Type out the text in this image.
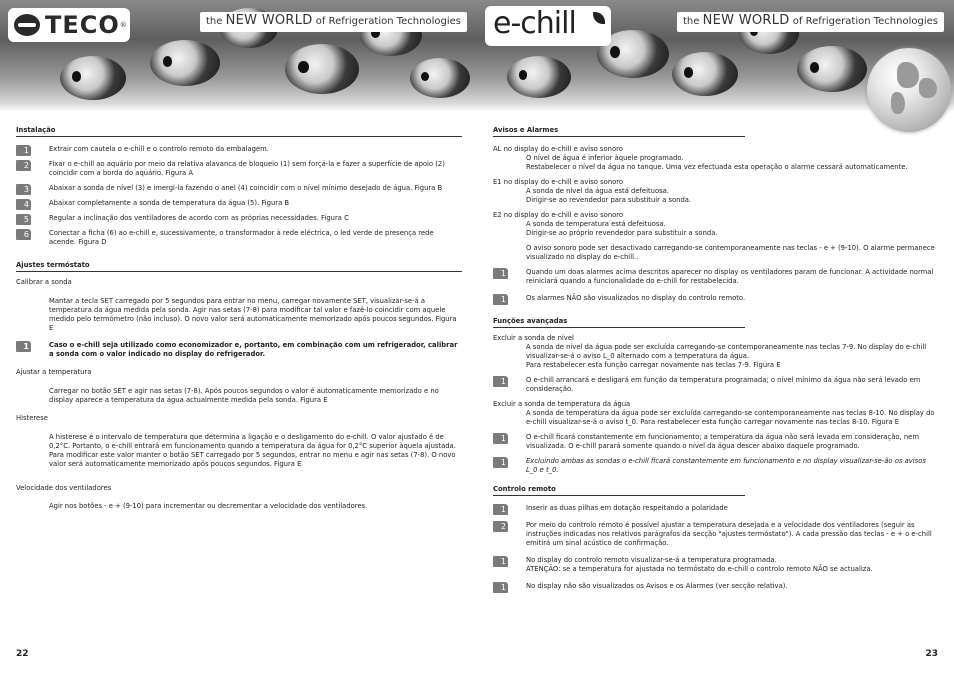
TECO ®	the NEW WORLD of Refrigeration Technologies

Instalação

1	Extrair com cautela o e-chill e o controlo remoto da embalagem.

2	Fixar o e-chill ao aquário por meio da relativa alavanca de bloqueio (1) sem forçá-la e fazer a superfície de apoio (2) coincidir com a borda do aquário. Figura A

3	Abaixar a sonda de nível (3) e imergi-la fazendo o anel (4) coincidir com o nível mínimo desejado de água. Figura B

4	Abaixar completamente a sonda de temperatura da água (5). Figura B

5	Regular a inclinação dos ventiladores de acordo com as próprias necessidades. Figura C

6	Conectar a ficha (6) ao e-chill e, sucessivamente, o transformador à rede eléctrica, o led verde de presença rede acende. Figura D

Ajustes termóstato

Calibrar a sonda

Mantar a tecla SET carregado por 5 segundos para entrar no menu, carregar novamente SET, visualizar-se-á a temperatura da água medida pela sonda. Agir nas setas (7-8) para modificar tal valor e fazê-lo coincidir com aquele medido pelo termómetro (não incluso). O novo valor será automaticamente memorizado após poucos segundos. Figura E

1	Caso o e-chill seja utilizado como economizador e, portanto, em combinação com um refrigerador, calibrar a sonda com o valor indicado no display do refrigerador.

Ajustar a temperatura

Carregar no botão SET e agir nas setas (7-8). Após poucos segundos o valor é automaticamente memorizado e no display aparece a temperatura da água actualmente medida pela sonda. Figura E

Histerese

A histerese é o intervalo de temperatura que determina a ligação e o desligamento do e-chill. O valor ajustado é de 0,2°C. Portanto, o e-chill entrará em funcionamento quando a temperatura da água for 0,2°C superior àquela ajustada. Para modificar este valor manter o botão SET carregado por 5 segundos, entrar no menu e agir nas setas (7-8). O novo valor será automaticamente memorizado após poucos segundos. Figura E

Velocidade dos ventiladores

Agir nos botões - e + (9-10) para incrementar ou decrementar a velocidade dos ventiladores.

22
e-chill	the NEW WORLD of Refrigeration Technologies

Avisos e Alarmes

AL no display do e-chill e aviso sonoro

O nível de água é inferior àquele programado.

Restabelecer o nível da água no tanque. Uma vez efectuada esta operação o alarme cessará automaticamente.

E1 no display do e-chill e aviso sonoro

A sonda de nível da água está defeituosa.

Dirigir-se ao revendedor para substituir a sonda.

E2 no display do e-chill e aviso sonoro

A sonda de temperatura está defeituosa.

Dirigir-se ao próprio revendedor para substituir a sonda.

O aviso sonoro pode ser desactivado carregando-se contemporaneamente nas teclas - e + (9-10). O alarme permanece visualizado no display do e-chill..

1	Quando um doas alarmes acima descritos aparecer no display os ventiladores param de funcionar. A actividade normal reiniciará quando a funcionalidade do e-chill for restabelecida.

1	Os alarmes NÃO são visualizados no display do controlo remoto.

Funções avançadas

Excluir a sonda de nível

A sonda de nível da água pode ser excluída carregando-se contemporaneamente nas teclas 7-9. No display do e-chill visualizar-se-á o aviso L_0 alternado com a temperatura da água.

Para restabelecer esta função carregar novamente nas teclas 7-9. Figura E

1	O e-chill arrancará e desligará em função da temperatura programada; o nível mínimo da água não será levado em consideração.

Excluir a sonda de temperatura da água

A sonda de temperatura da água pode ser excluída carregando-se contemporaneamente nas teclas 8-10. No display do e-chill visualizar-se-á o aviso t_0. Para restabelecer esta função carregar novamente nas teclas 8-10. Figura E

1	O e-chill ficará constantemente em funcionamento; a temperatura da água não será levada em consideração, nem visualizada. O e-chill parará somente quando o nível da água descer abaixo daquele programado.

1	Excluindo ambas as sondas o e-chill ficará constantemente em funcionamento e no display visualizar-se-ão os avisos L_0 e t_0.

Controlo remoto

1	Inserir as duas pilhas em dotação respeitando a polaridade

2	Por meio do controlo remoto é possível ajustar a temperatura desejada e a velocidade dos ventiladores (seguir as instruções indicadas nos relativos parágrafos da secção "ajustes termóstato"). A cada pressão das teclas - e + o e-chill emitirá um sinal acústico de confirmação.

1	No display do controlo remoto visualizar-se-á a temperatura programada.

ATENÇÃO: se a temperatura for ajustada no termóstato do e-chill o controlo remoto NÃO se actualiza.

1	No display não são visualizados os Avisos e os Alarmes (ver secção relativa).

23
